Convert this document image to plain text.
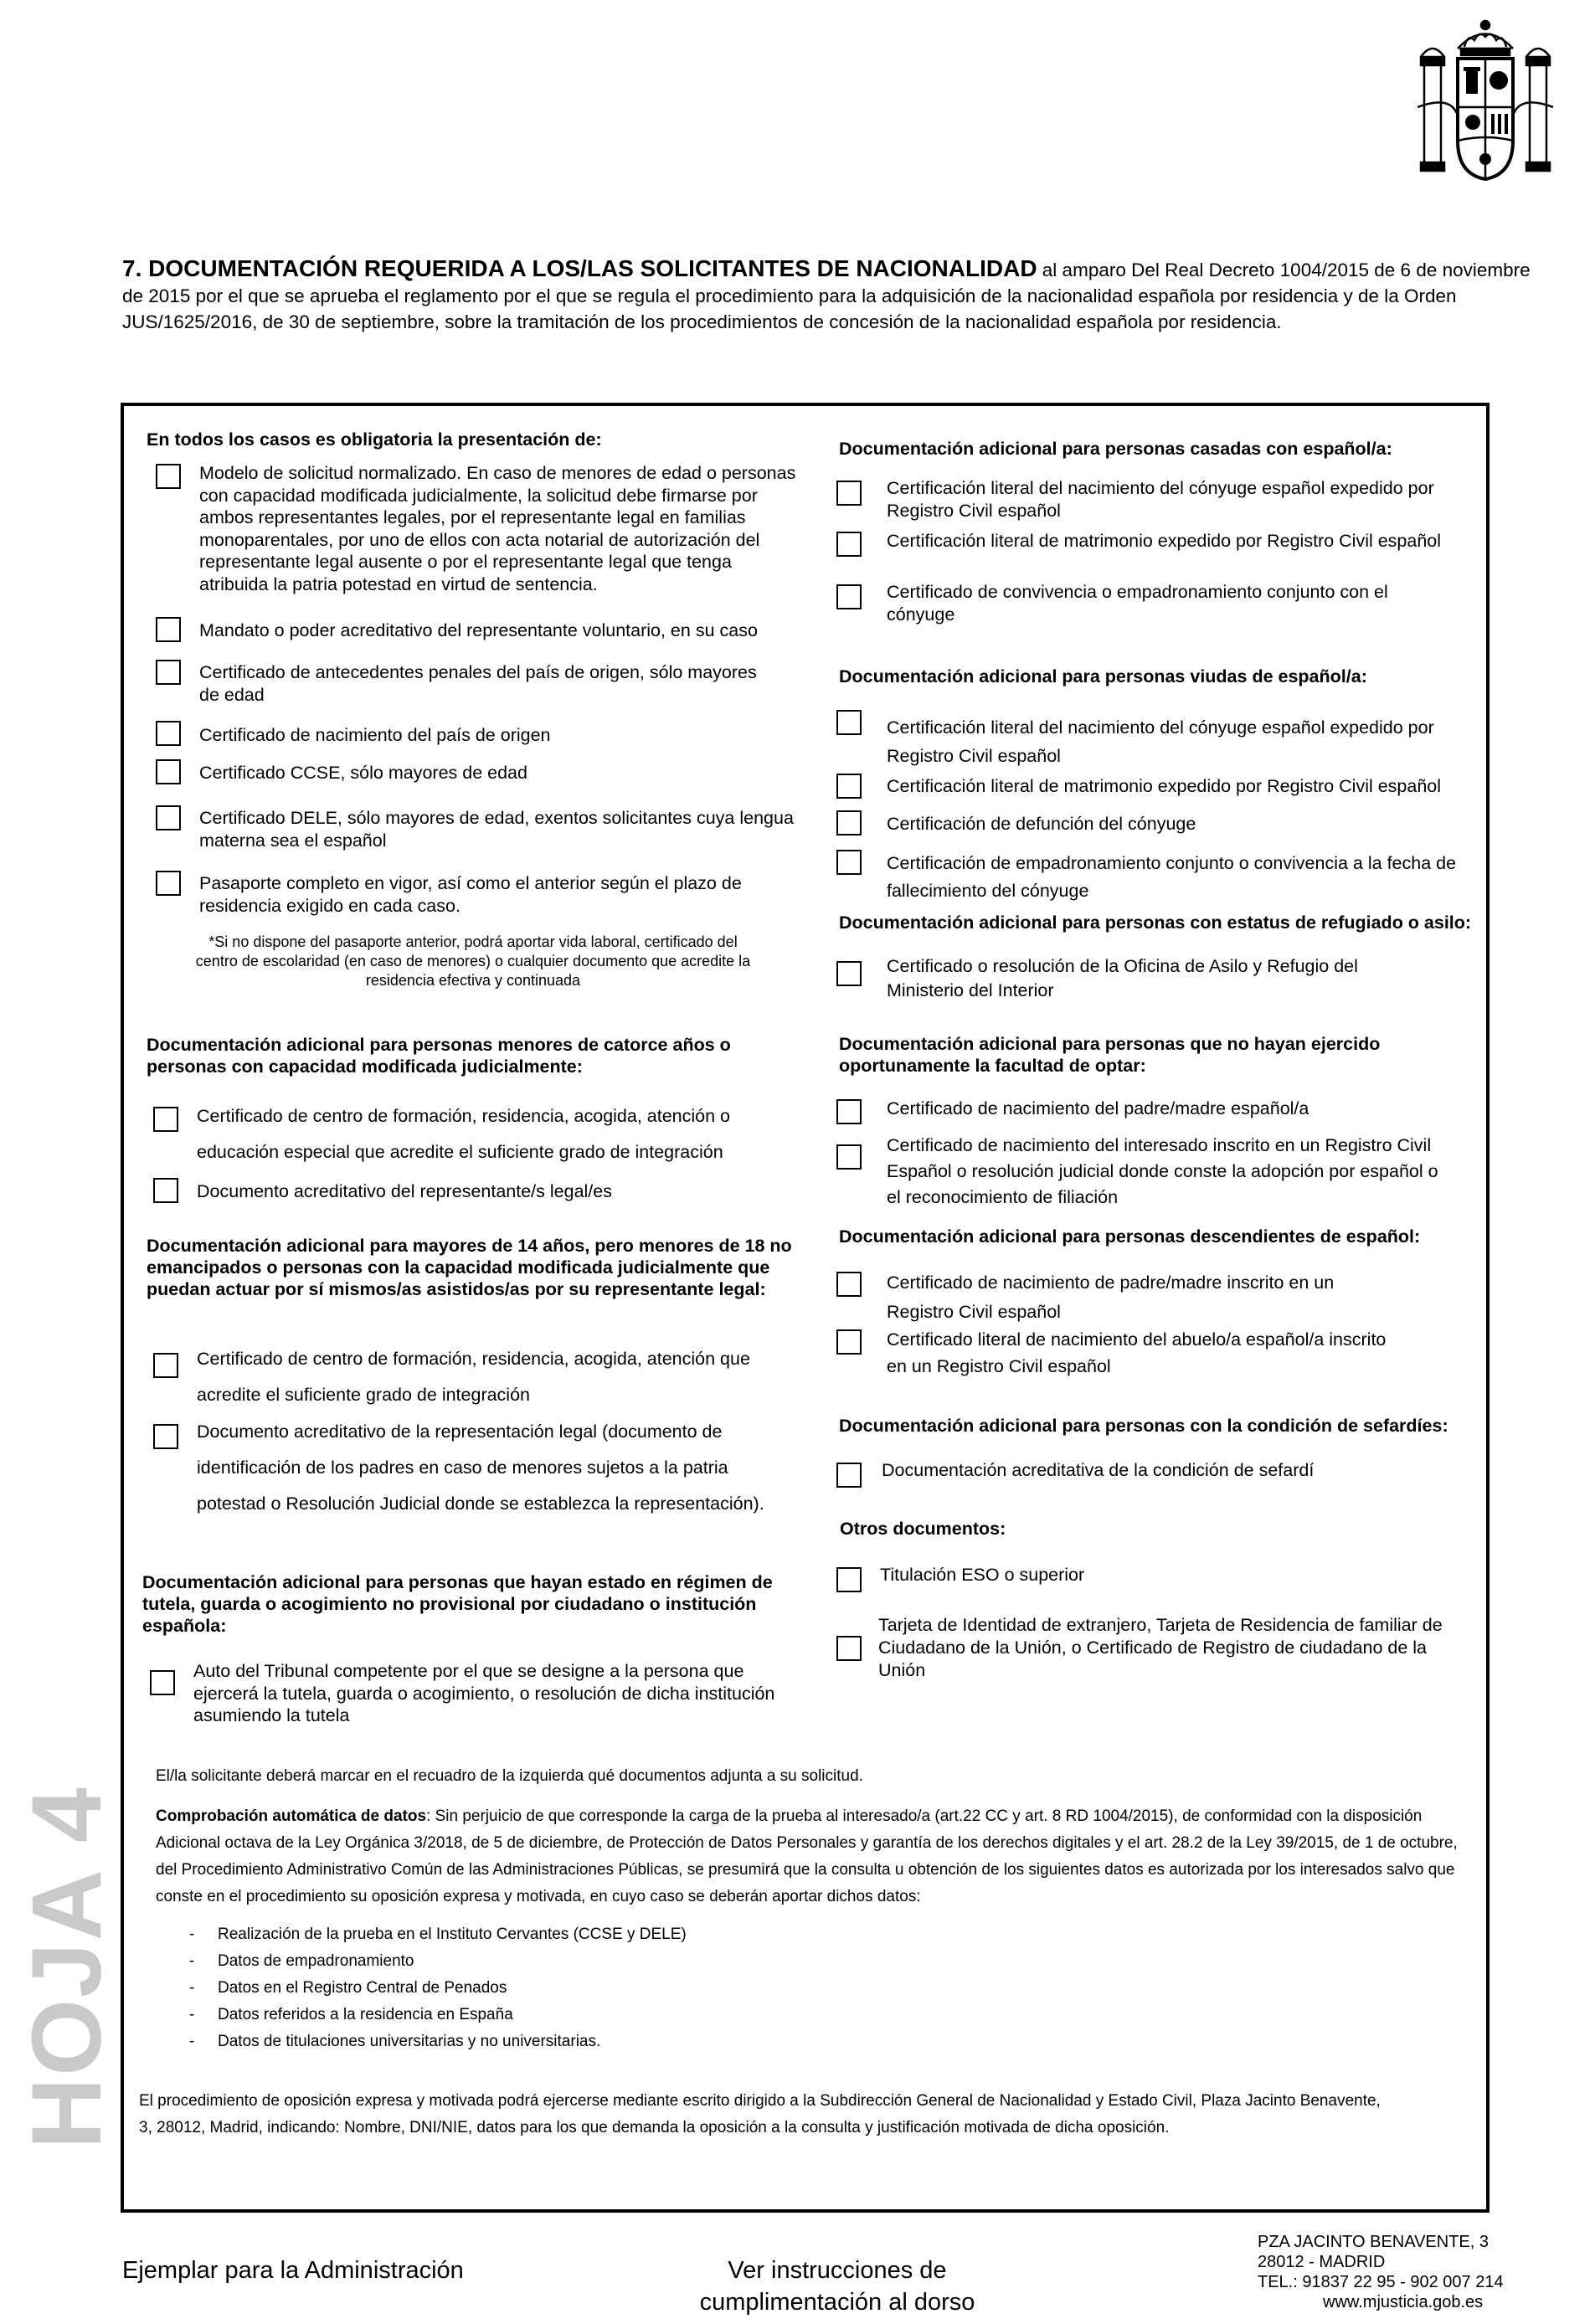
7. DOCUMENTACIÓN REQUERIDA A LOS/LAS SOLICITANTES DE NACIONALIDAD al amparo Del Real Decreto 1004/2015 de 6 de noviembre de 2015 por el que se aprueba el reglamento por el que se regula el procedimiento para la adquisición de la nacionalidad española por residencia y de la Orden JUS/1625/2016, de 30 de septiembre, sobre la tramitación de los procedimientos de concesión de la nacionalidad española por residencia.
En todos los casos es obligatoria la presentación de:
Modelo de solicitud normalizado. En caso de menores de edad o personas con capacidad modificada judicialmente, la solicitud debe firmarse por ambos representantes legales, por el representante legal en familias monoparentales, por uno de ellos con acta notarial de autorización del representante legal ausente o por el representante legal que tenga atribuida la patria potestad en virtud de sentencia.
Mandato o poder acreditativo del representante voluntario, en su caso
Certificado de antecedentes penales del país de origen, sólo mayores de edad
Certificado de nacimiento del país de origen
Certificado CCSE, sólo mayores de edad
Certificado DELE, sólo mayores de edad, exentos solicitantes cuya lengua materna sea el español
Pasaporte completo en vigor, así como el anterior según el plazo de residencia exigido en cada caso.
*Si no dispone del pasaporte anterior, podrá aportar vida laboral, certificado del centro de escolaridad (en caso de menores) o cualquier documento que acredite la residencia efectiva y continuada
Documentación adicional para personas menores de catorce años o personas con capacidad modificada judicialmente:
Certificado de centro de formación, residencia, acogida, atención o educación especial que acredite el suficiente grado de integración
Documento acreditativo del representante/s legal/es
Documentación adicional para mayores de 14 años, pero menores de 18 no emancipados o personas con la capacidad modificada judicialmente que puedan actuar por sí mismos/as asistidos/as por su representante legal:
Certificado de centro de formación, residencia, acogida, atención que acredite el suficiente grado de integración
Documento acreditativo de la representación legal (documento de identificación de los padres en caso de menores sujetos a la patria potestad o Resolución Judicial donde se establezca la representación).
Documentación adicional para personas que hayan estado en régimen de tutela, guarda o acogimiento no provisional por ciudadano o institución española:
Auto del Tribunal competente por el que se designe a la persona que ejercerá la tutela, guarda o acogimiento, o resolución de dicha institución asumiendo la tutela
Documentación adicional para personas casadas con español/a:
Certificación literal del nacimiento del cónyuge español expedido por Registro Civil español
Certificación literal de matrimonio expedido por Registro Civil español
Certificado de convivencia o empadronamiento conjunto con el cónyuge
Documentación adicional para personas viudas de español/a:
Certificación literal del nacimiento del cónyuge español expedido por Registro Civil español
Certificación literal de matrimonio expedido por Registro Civil español
Certificación de defunción del cónyuge
Certificación de empadronamiento conjunto o convivencia a la fecha de fallecimiento del cónyuge
Documentación adicional para personas con estatus de refugiado o asilo:
Certificado o resolución de la Oficina de Asilo y Refugio del Ministerio del Interior
Documentación adicional para personas que no hayan ejercido oportunamente la facultad de optar:
Certificado de nacimiento del padre/madre español/a
Certificado de nacimiento del interesado inscrito en un Registro Civil Español o resolución judicial donde conste la adopción por español o el reconocimiento de filiación
Documentación adicional para personas descendientes de español:
Certificado de nacimiento de padre/madre inscrito en un Registro Civil español
Certificado literal de nacimiento del abuelo/a español/a inscrito en un Registro Civil español
Documentación adicional para personas con la condición de sefardíes:
Documentación acreditativa de la condición de sefardí
Otros documentos:
Titulación ESO o superior
Tarjeta de Identidad de extranjero, Tarjeta de Residencia de familiar de Ciudadano de la Unión, o Certificado de Registro de ciudadano de la Unión
El/la solicitante deberá marcar en el recuadro de la izquierda qué documentos adjunta a su solicitud.
Comprobación automática de datos: Sin perjuicio de que corresponde la carga de la prueba al interesado/a (art.22 CC y art. 8 RD 1004/2015), de conformidad con la disposición Adicional octava de la Ley Orgánica 3/2018, de 5 de diciembre, de Protección de Datos Personales y garantía de los derechos digitales y el art. 28.2 de la Ley 39/2015, de 1 de octubre, del Procedimiento Administrativo Común de las Administraciones Públicas, se presumirá que la consulta u obtención de los siguientes datos es autorizada por los interesados salvo que conste en el procedimiento su oposición expresa y motivada, en cuyo caso se deberán aportar dichos datos:
- Realización de la prueba en el Instituto Cervantes (CCSE y DELE)
- Datos de empadronamiento
- Datos en el Registro Central de Penados
- Datos referidos a la residencia en España
- Datos de titulaciones universitarias y no universitarias.
El procedimiento de oposición expresa y motivada podrá ejercerse mediante escrito dirigido a la Subdirección General de Nacionalidad y Estado Civil, Plaza Jacinto Benavente, 3, 28012, Madrid, indicando: Nombre, DNI/NIE, datos para los que demanda la oposición a la consulta y justificación motivada de dicha oposición.
HOJA 4
Ejemplar para la Administración	Ver instrucciones de cumplimentación al dorso
PZA JACINTO BENAVENTE, 3
28012 - MADRID
TEL.: 91837 22 95 - 902 007 214
www.mjusticia.gob.es
